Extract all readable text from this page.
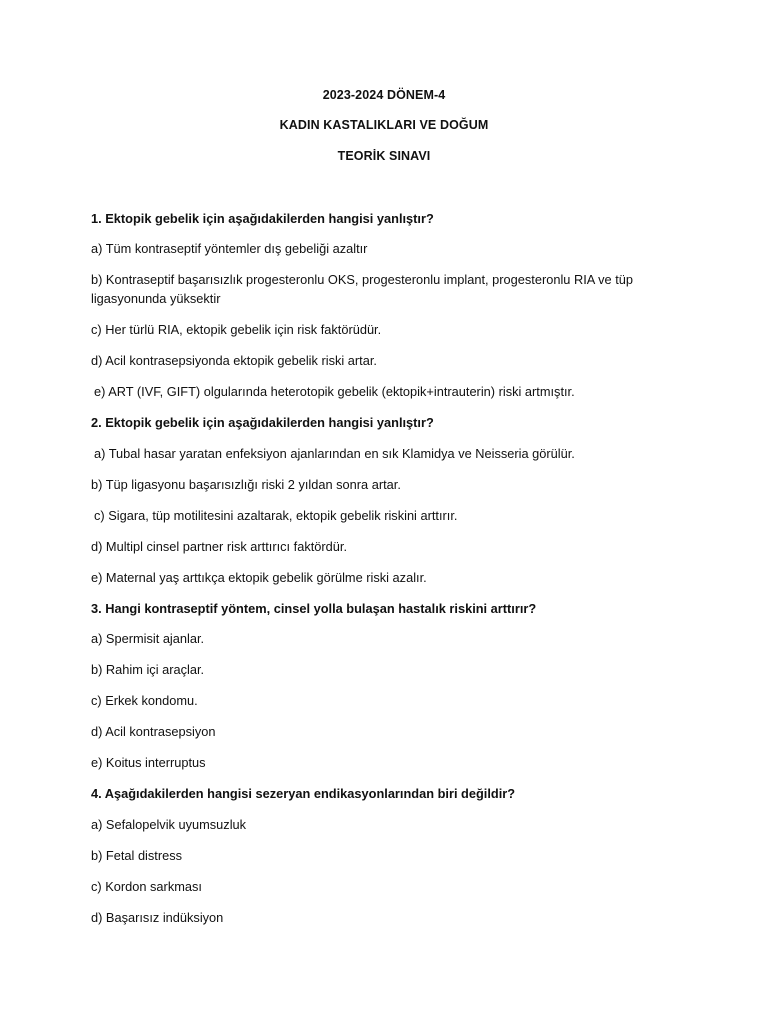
2023-2024 DÖNEM-4
KADIN KASTALIKLARI VE DOĞUM
TEORİK SINAVI
1. Ektopik gebelik için aşağıdakilerden hangisi yanlıştır?
a) Tüm kontraseptif yöntemler dış gebeliği azaltır
b) Kontraseptif başarısızlık progesteronlu OKS, progesteronlu implant, progesteronlu RIA ve tüp ligasyonunda yüksektir
c) Her türlü RIA, ektopik gebelik için risk faktörüdür.
d) Acil kontrasepsiyonda ektopik gebelik riski artar.
e) ART (IVF, GIFT) olgularında heterotopik gebelik (ektopik+intrauterin) riski artmıştır.
2. Ektopik gebelik için aşağıdakilerden hangisi yanlıştır?
a) Tubal hasar yaratan enfeksiyon ajanlarından en sık Klamidya ve Neisseria görülür.
b) Tüp ligasyonu başarısızlığı riski 2 yıldan sonra artar.
c) Sigara, tüp motilitesini azaltarak, ektopik gebelik riskini arttırır.
d) Multipl cinsel partner risk arttırıcı faktördür.
e) Maternal yaş arttıkça ektopik gebelik görülme riski azalır.
3. Hangi kontraseptif yöntem, cinsel yolla bulaşan hastalık riskini arttırır?
a) Spermisit ajanlar.
b) Rahim içi araçlar.
c) Erkek kondomu.
d) Acil kontrasepsiyon
e) Koitus interruptus
4. Aşağıdakilerden hangisi sezeryan endikasyonlarından biri değildir?
a) Sefalopelvik uyumsuzluk
b) Fetal distress
c) Kordon sarkması
d) Başarısız indüksiyon
